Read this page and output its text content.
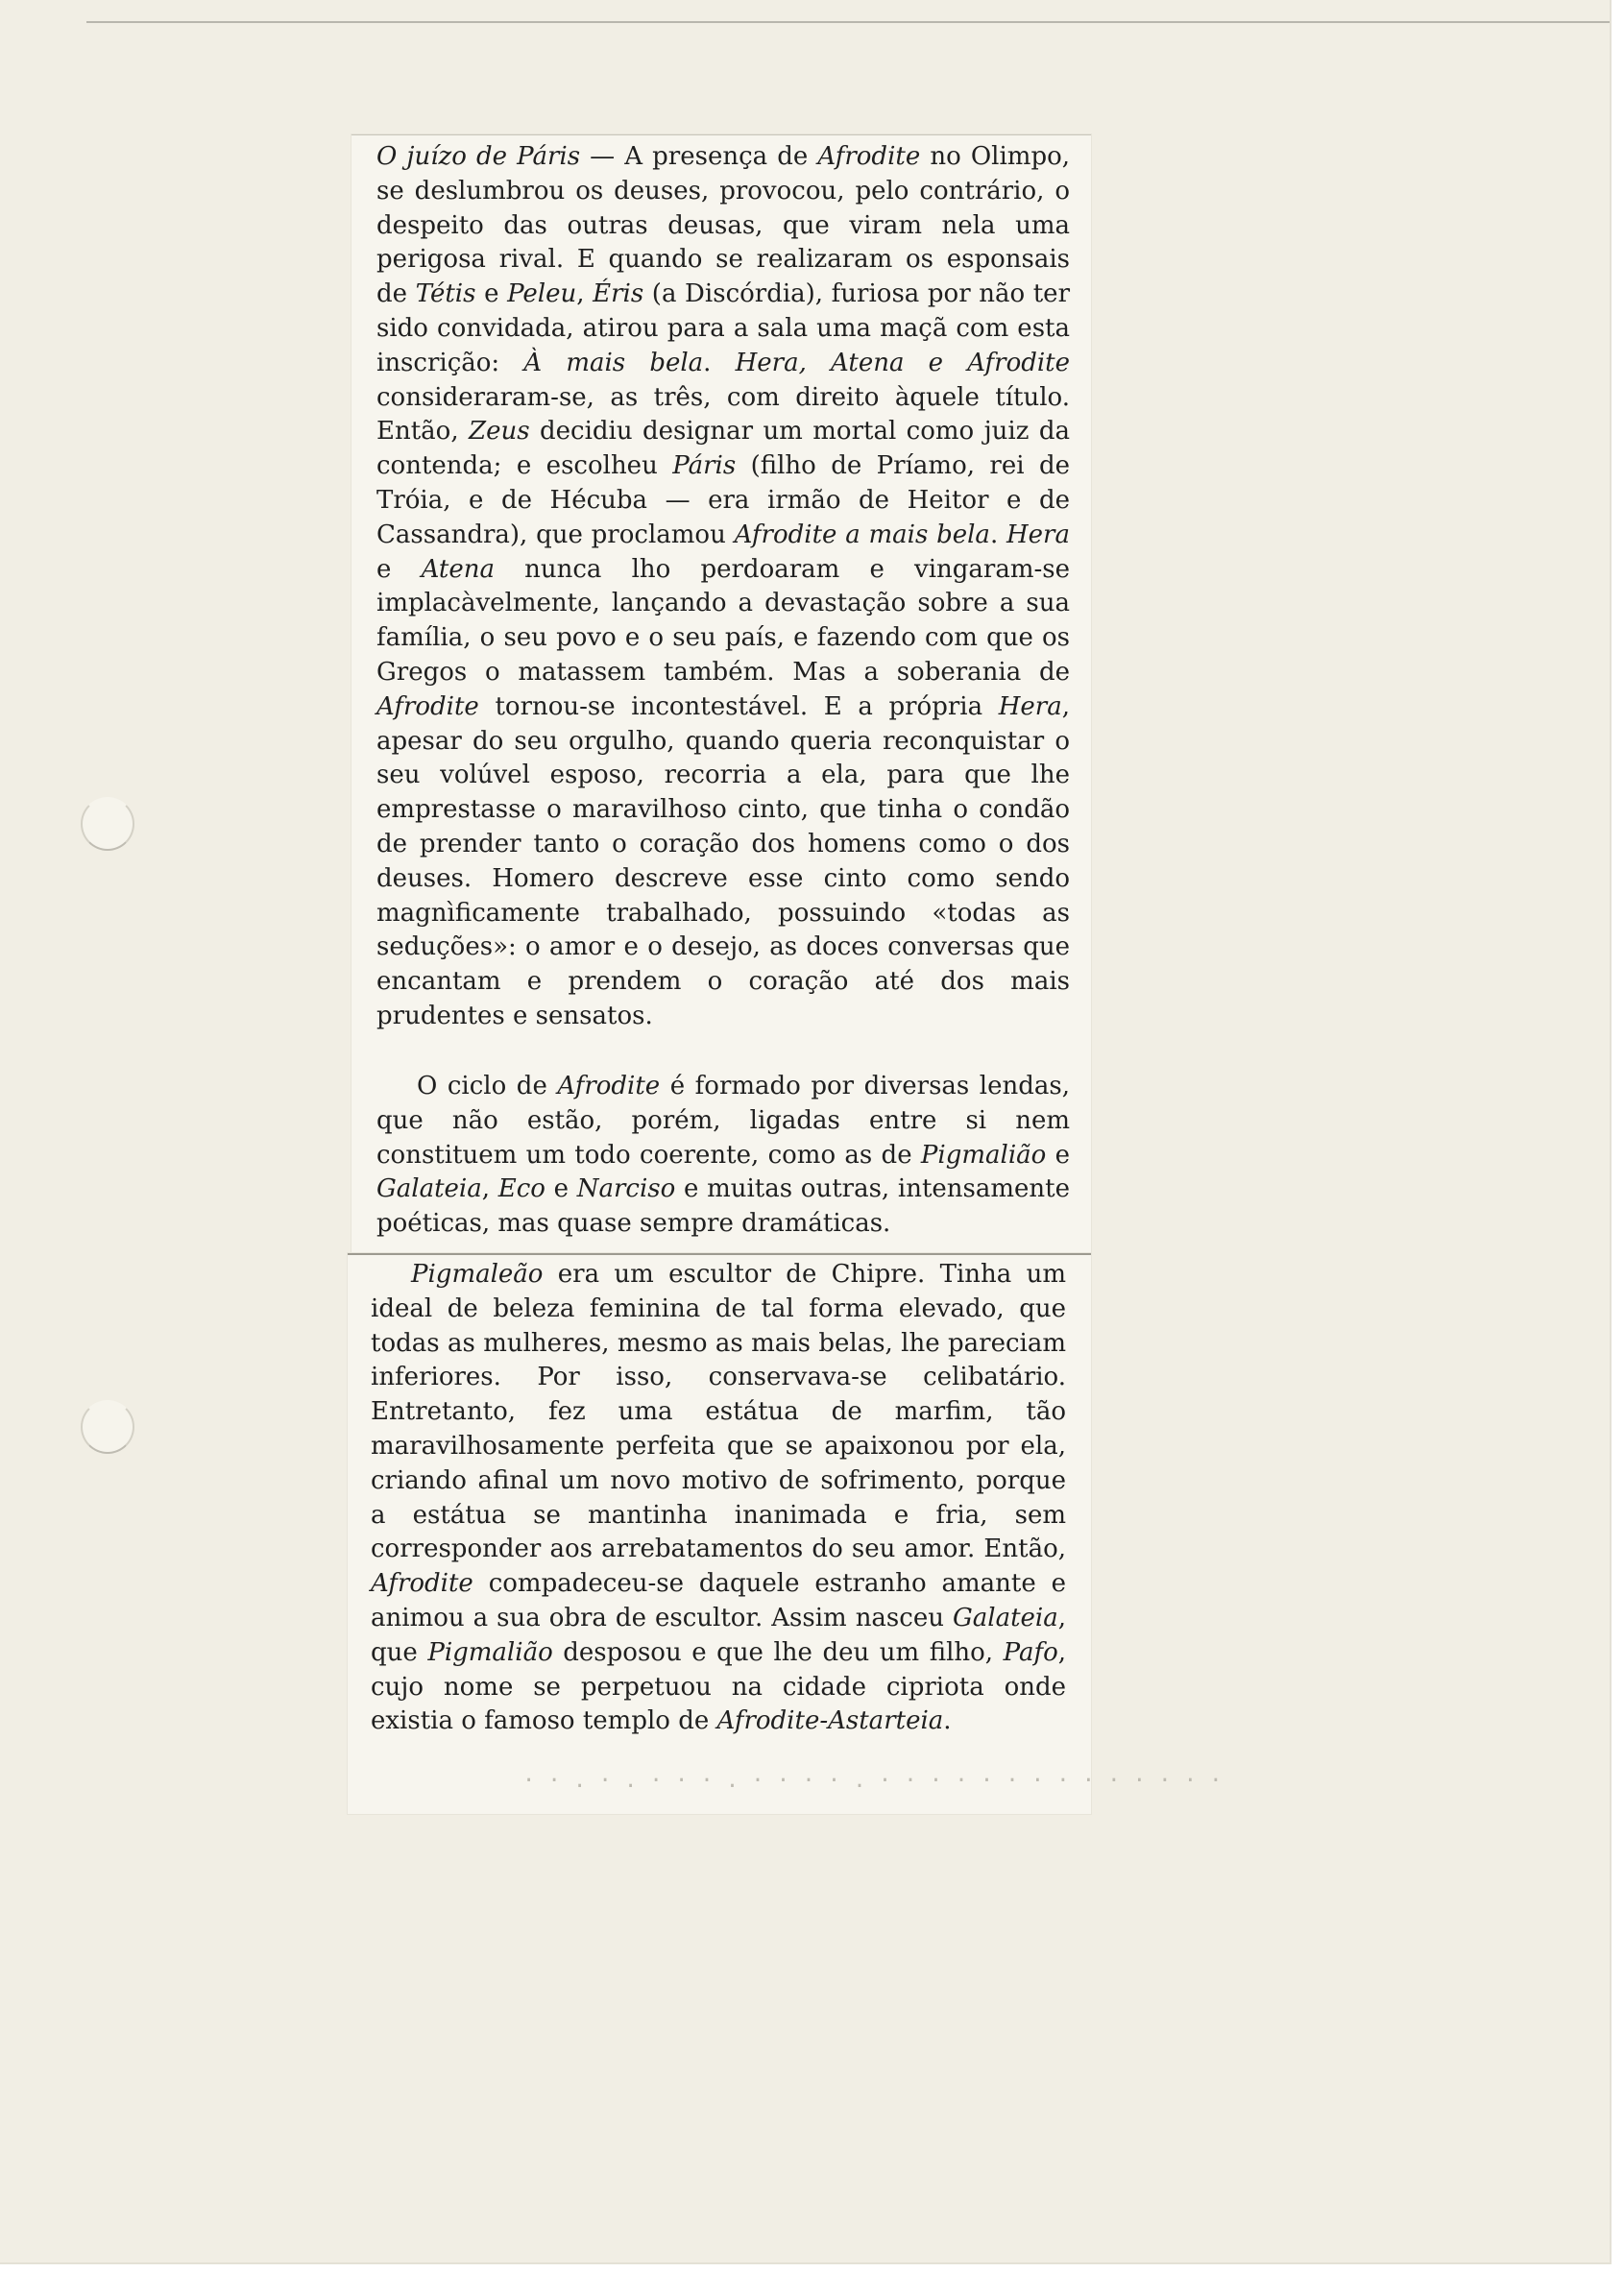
O juízo de Páris — A presença de Afrodite no Olimpo, se deslumbrou os deuses, provocou, pelo contrário, o despeito das outras deusas, que viram nela uma perigosa rival. E quando se realizaram os esponsais de Tétis e Peleu, Éris (a Discórdia), furiosa por não ter sido convidada, atirou para a sala uma maçã com esta inscrição: À mais bela. Hera, Atena e Afrodite consideraram-se, as três, com direito àquele título. Então, Zeus decidiu designar um mortal como juiz da contenda; e escolheu Páris (filho de Príamo, rei de Tróia, e de Hécuba — era irmão de Heitor e de Cassandra), que proclamou Afrodite a mais bela. Hera e Atena nunca lho perdoaram e vingaram-se implacàvelmente, lançando a devastação sobre a sua família, o seu povo e o seu país, e fazendo com que os Gregos o matassem também. Mas a soberania de Afrodite tornou-se incontestável. E a própria Hera, apesar do seu orgulho, quando queria reconquistar o seu volúvel esposo, recorria a ela, para que lhe emprestasse o maravilhoso cinto, que tinha o condão de prender tanto o coração dos homens como o dos deuses. Homero descreve esse cinto como sendo magnìficamente trabalhado, possuindo «todas as seduções»: o amor e o desejo, as doces conversas que encantam e prendem o coração até dos mais prudentes e sensatos.

O ciclo de Afrodite é formado por diversas lendas, que não estão, porém, ligadas entre si nem constituem um todo coerente, como as de Pigmalião e Galateia, Eco e Narciso e muitas outras, intensamente poéticas, mas quase sempre dramáticas.

Pigmaleão era um escultor de Chipre. Tinha um ideal de beleza feminina de tal forma elevado, que todas as mulheres, mesmo as mais belas, lhe pareciam inferiores. Por isso, conservava-se celibatário. Entretanto, fez uma estátua de marfim, tão maravilhosamente perfeita que se apaixonou por ela, criando afinal um novo motivo de sofrimento, porque a estátua se mantinha inanimada e fria, sem corresponder aos arrebatamentos do seu amor. Então, Afrodite compadeceu-se daquele estranho amante e animou a sua obra de escultor. Assim nasceu Galateia, que Pigmalião desposou e que lhe deu um filho, Pafo, cujo nome se perpetuou na cidade cipriota onde existia o famoso templo de Afrodite-Astarteia.

· · . · . · · · . · · · · . · · · · · · · · · · · · · ·
